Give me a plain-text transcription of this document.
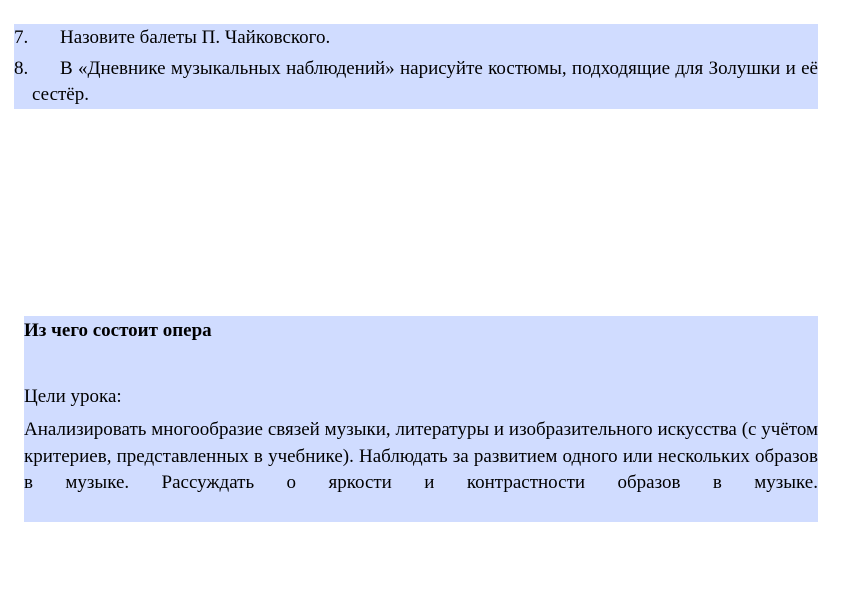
7. Назовите балеты П. Чайковского.
8.	В «Дневнике музыкальных наблюдений» нарисуйте костюмы, подходящие для Золушки и её сестёр.
Из чего состоит опера
Цели урока:
Анализировать многообразие связей музыки, литературы и изобразительного искусства (с учётом критериев, представленных в учебнике). Наблюдать за развитием одного или нескольких образов в музыке. Рассуждать о яркости и контрастности образов в музыке.
